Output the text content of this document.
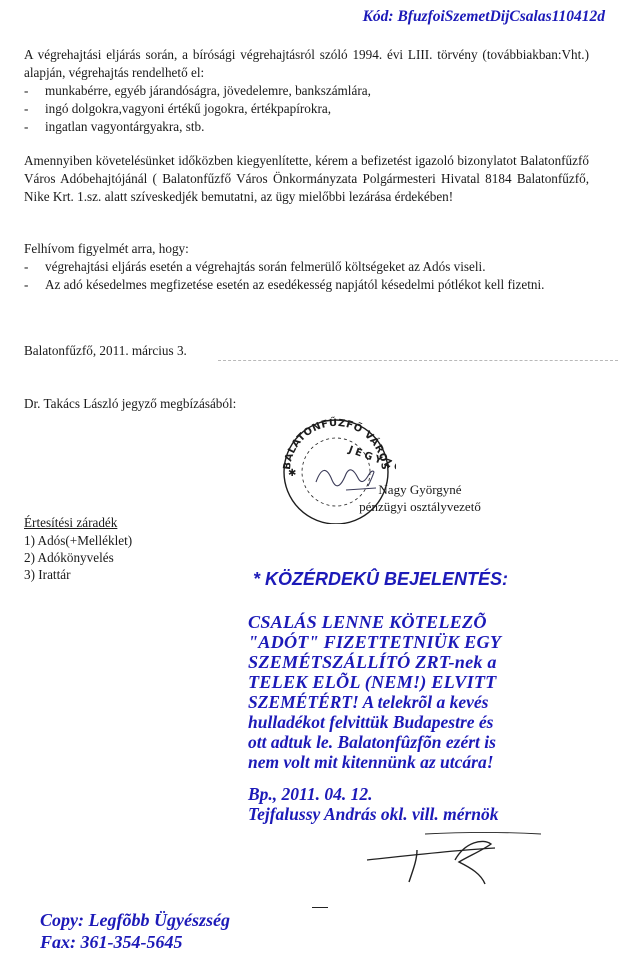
Kód: BfuzfoiSzemetDijCsalas110412d
A végrehajtási eljárás során, a bírósági végrehajtásról szóló 1994. évi LIII. törvény (továbbiakban:Vht.) alapján, végrehajtás rendelhető el:
- munkabérre, egyéb járandóságra, jövedelemre, bankszámlára,
- ingó dolgokra,vagyoni értékű jogokra, értékpapírokra,
- ingatlan vagyontárgyakra, stb.
Amennyiben követelésünket időközben kiegyenlítette, kérem a befizetést igazoló bizonylatot Balatonfűzfő Város Adóbehajtójánál ( Balatonfűzfő Város Önkormányzata Polgármesteri Hivatal 8184 Balatonfűzfő, Nike Krt. 1.sz. alatt szíveskedjék bemutatni, az ügy mielőbbi lezárása érdekében!
Felhívom figyelmét arra, hogy:
- végrehajtási eljárás esetén a végrehajtás során felmerülő költségeket az Adós viseli.
- Az adó késedelmes megfizetése esetén az esedékesség napjától késedelmi pótlékot kell fizetni.
Balatonfűzfő, 2011. március 3.
Dr. Takács László jegyző megbízásából:
BALATONFŰZFŐ VÁROS
JEGYZŐ
✱
Nagy Györgyné
pénzügyi osztályvezető
Értesítési záradék
1) Adós(+Melléklet)
2) Adókönyvelés
3) Irattár	* KÖZÉRDEKÛ BEJELENTÉS:
CSALÁS LENNE KÖTELEZÕ
"ADÓT" FIZETTETNIÜK EGY
SZEMÉTSZÁLLÍTÓ ZRT-nek a
TELEK ELÕL (NEM!) ELVITT
SZEMÉTÉRT! A telekrõl a kevés
hulladékot felvittük Budapestre és
ott adtuk le. Balatonfûzfõn ezért is
nem volt mit kitennünk az utcára!
Bp., 2011. 04. 12.
Tejfalussy András okl. vill. mérnök
Copy: Legfõbb Ügyészség
Fax: 361-354-5645
